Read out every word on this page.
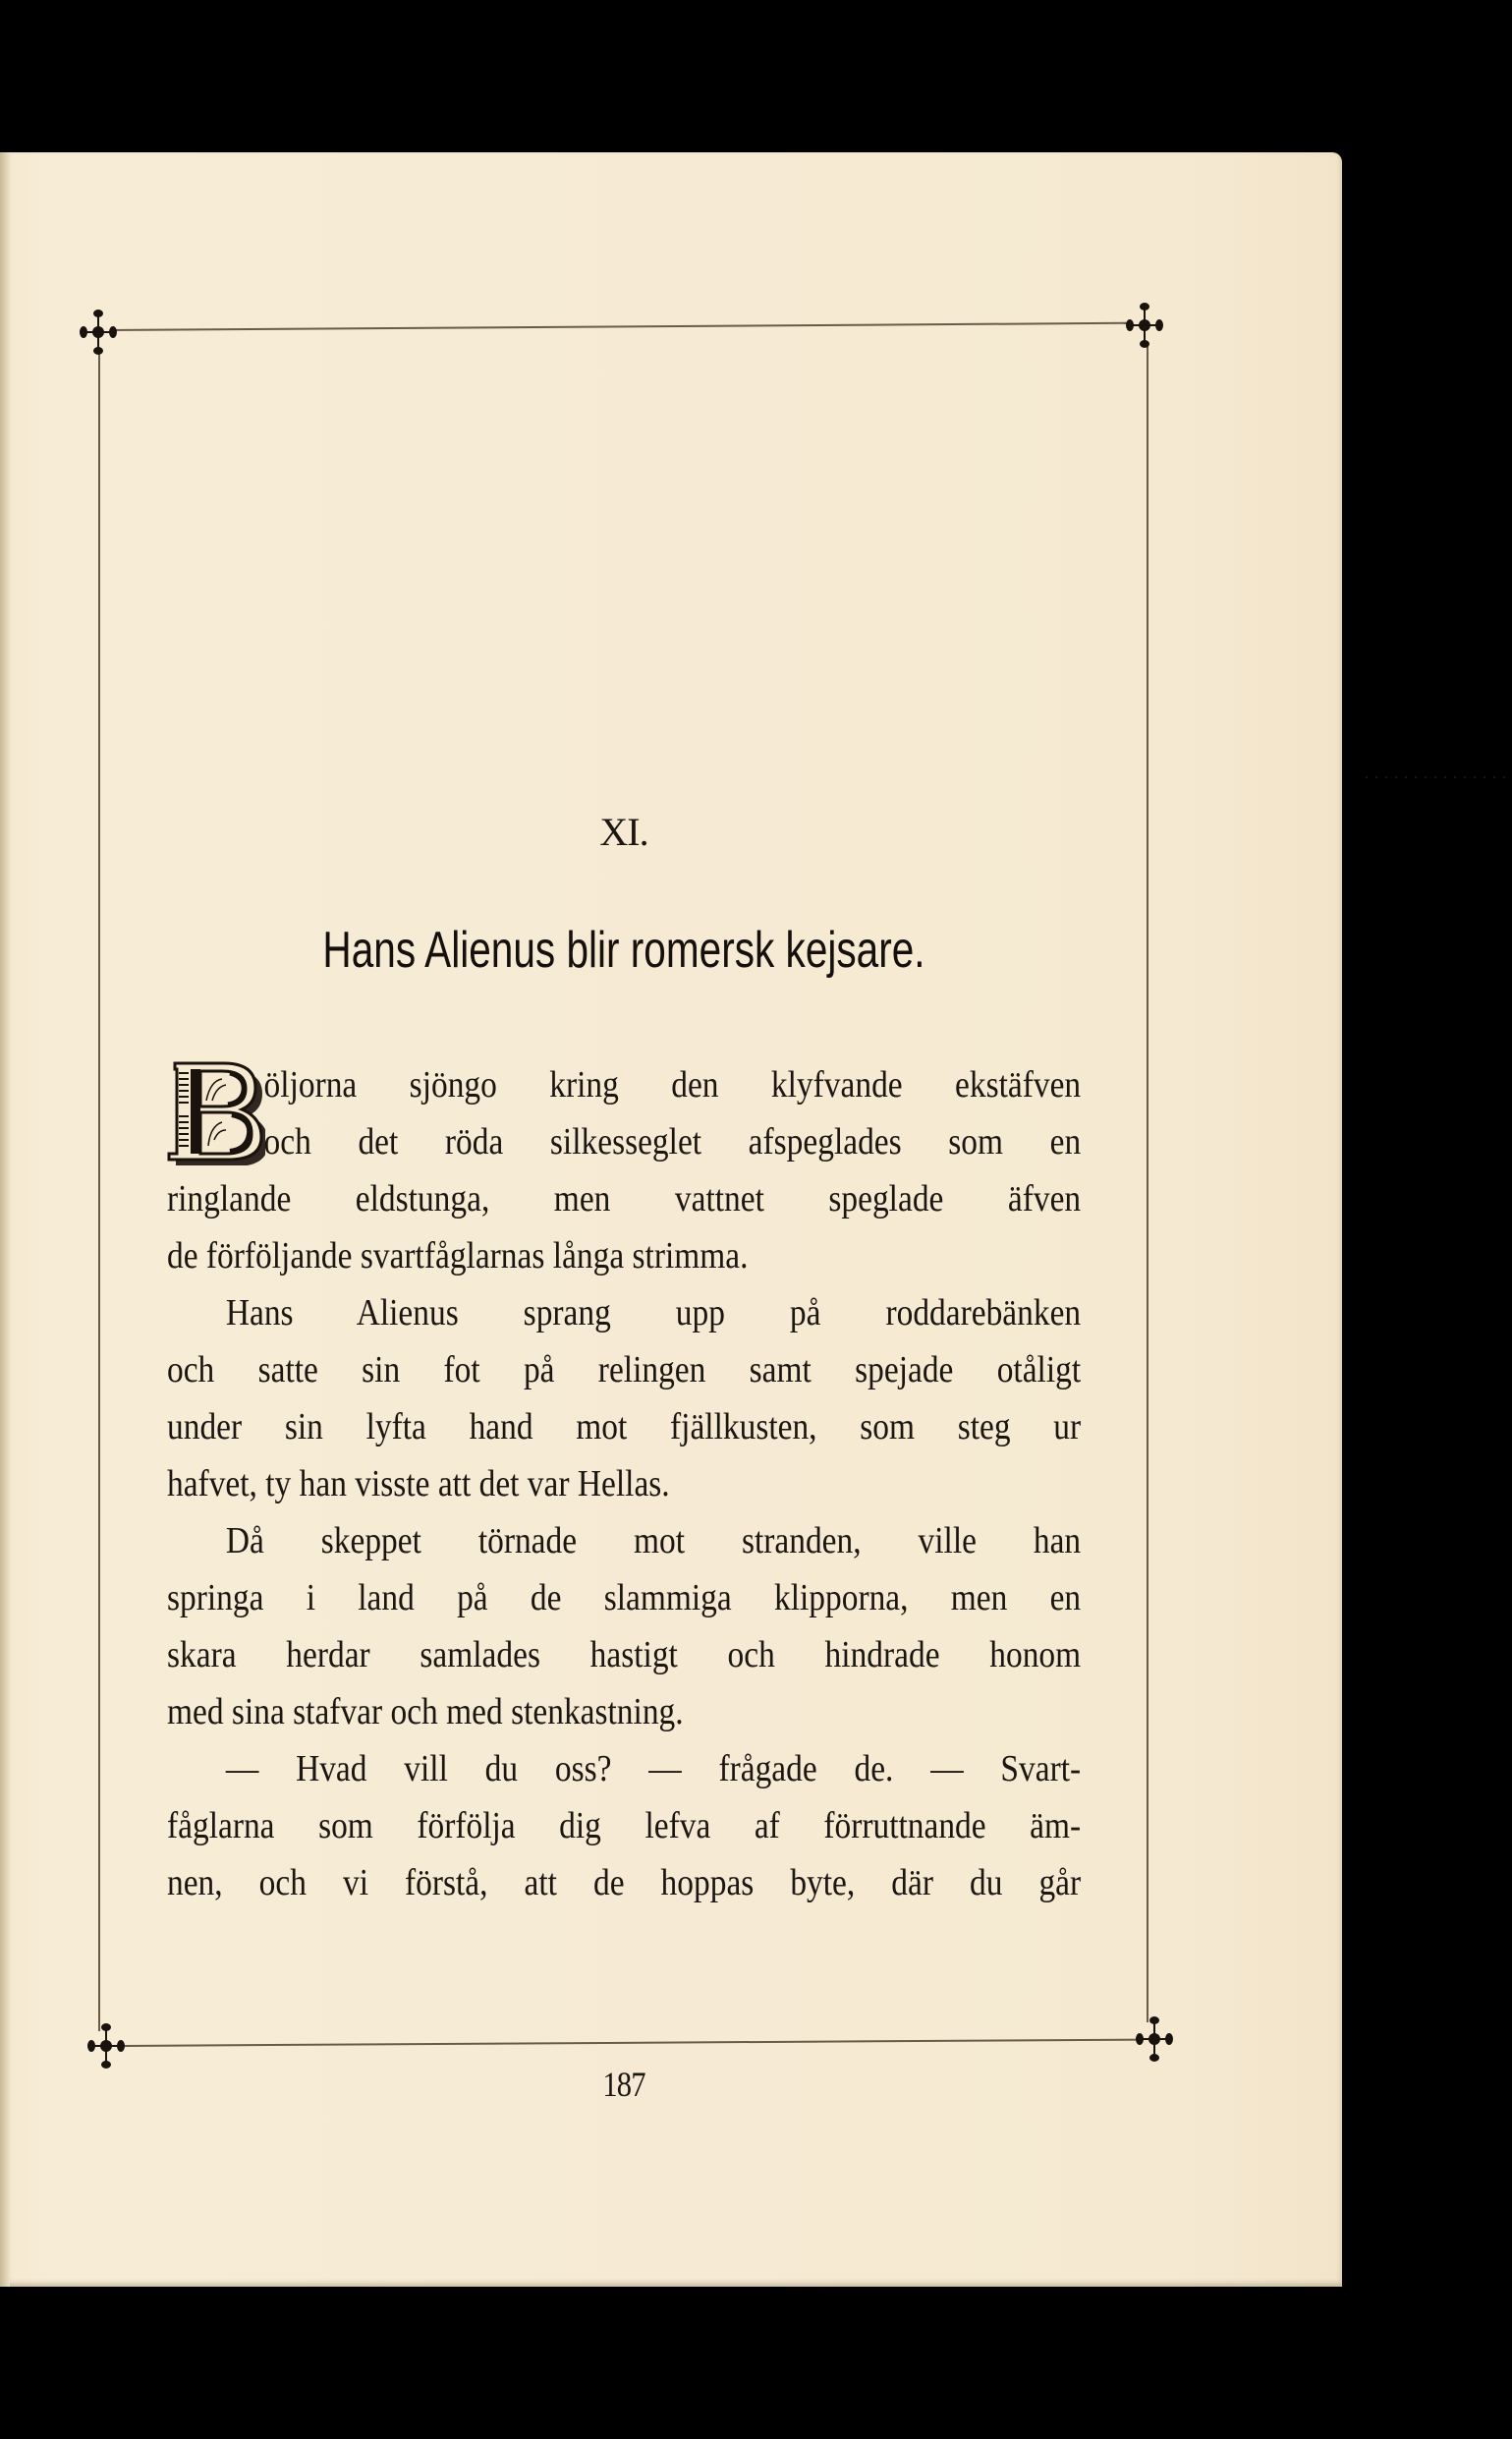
XI.
Hans Alienus blir romersk kejsare.
öljorna sjöngo kring den klyfvande ekstäfven
och det röda silkesseglet afspeglades som en
ringlande eldstunga, men vattnet speglade äfven
de förföljande svartfåglarnas långa strimma.
Hans Alienus sprang upp på roddarebänken
och satte sin fot på relingen samt spejade otåligt
under sin lyfta hand mot fjällkusten, som steg ur
hafvet, ty han visste att det var Hellas.
Då skeppet törnade mot stranden, ville han
springa i land på de slammiga klipporna, men en
skara herdar samlades hastigt och hindrade honom
med sina stafvar och med stenkastning.
— Hvad vill du oss? — frågade de. — Svart-
fåglarna som förfölja dig lefva af förruttnande äm-
nen, och vi förstå, att de hoppas byte, där du går
187
